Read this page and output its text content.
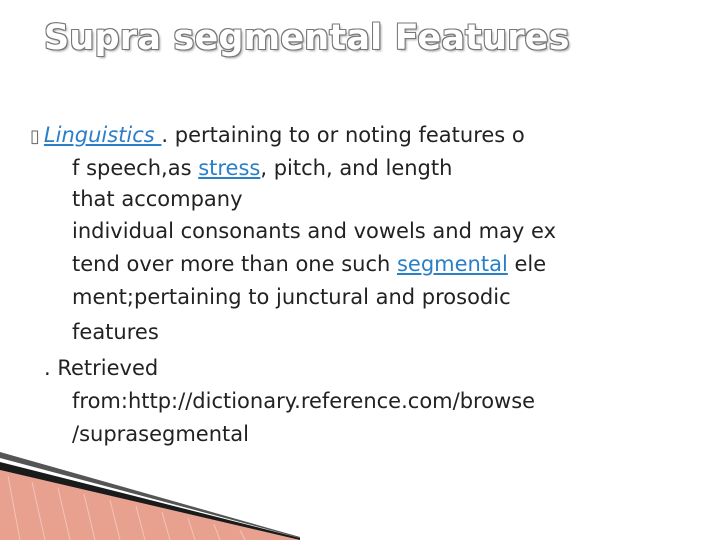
Supra segmental Features
▯ Linguistics . pertaining to or noting features o
f speech,as stress, pitch, and length
that accompany
individual consonants and vowels and may ex
tend over more than one such segmental ele
ment;pertaining to junctural and prosodic
features
. Retrieved
from:http://dictionary.reference.com/browse
/suprasegmental
